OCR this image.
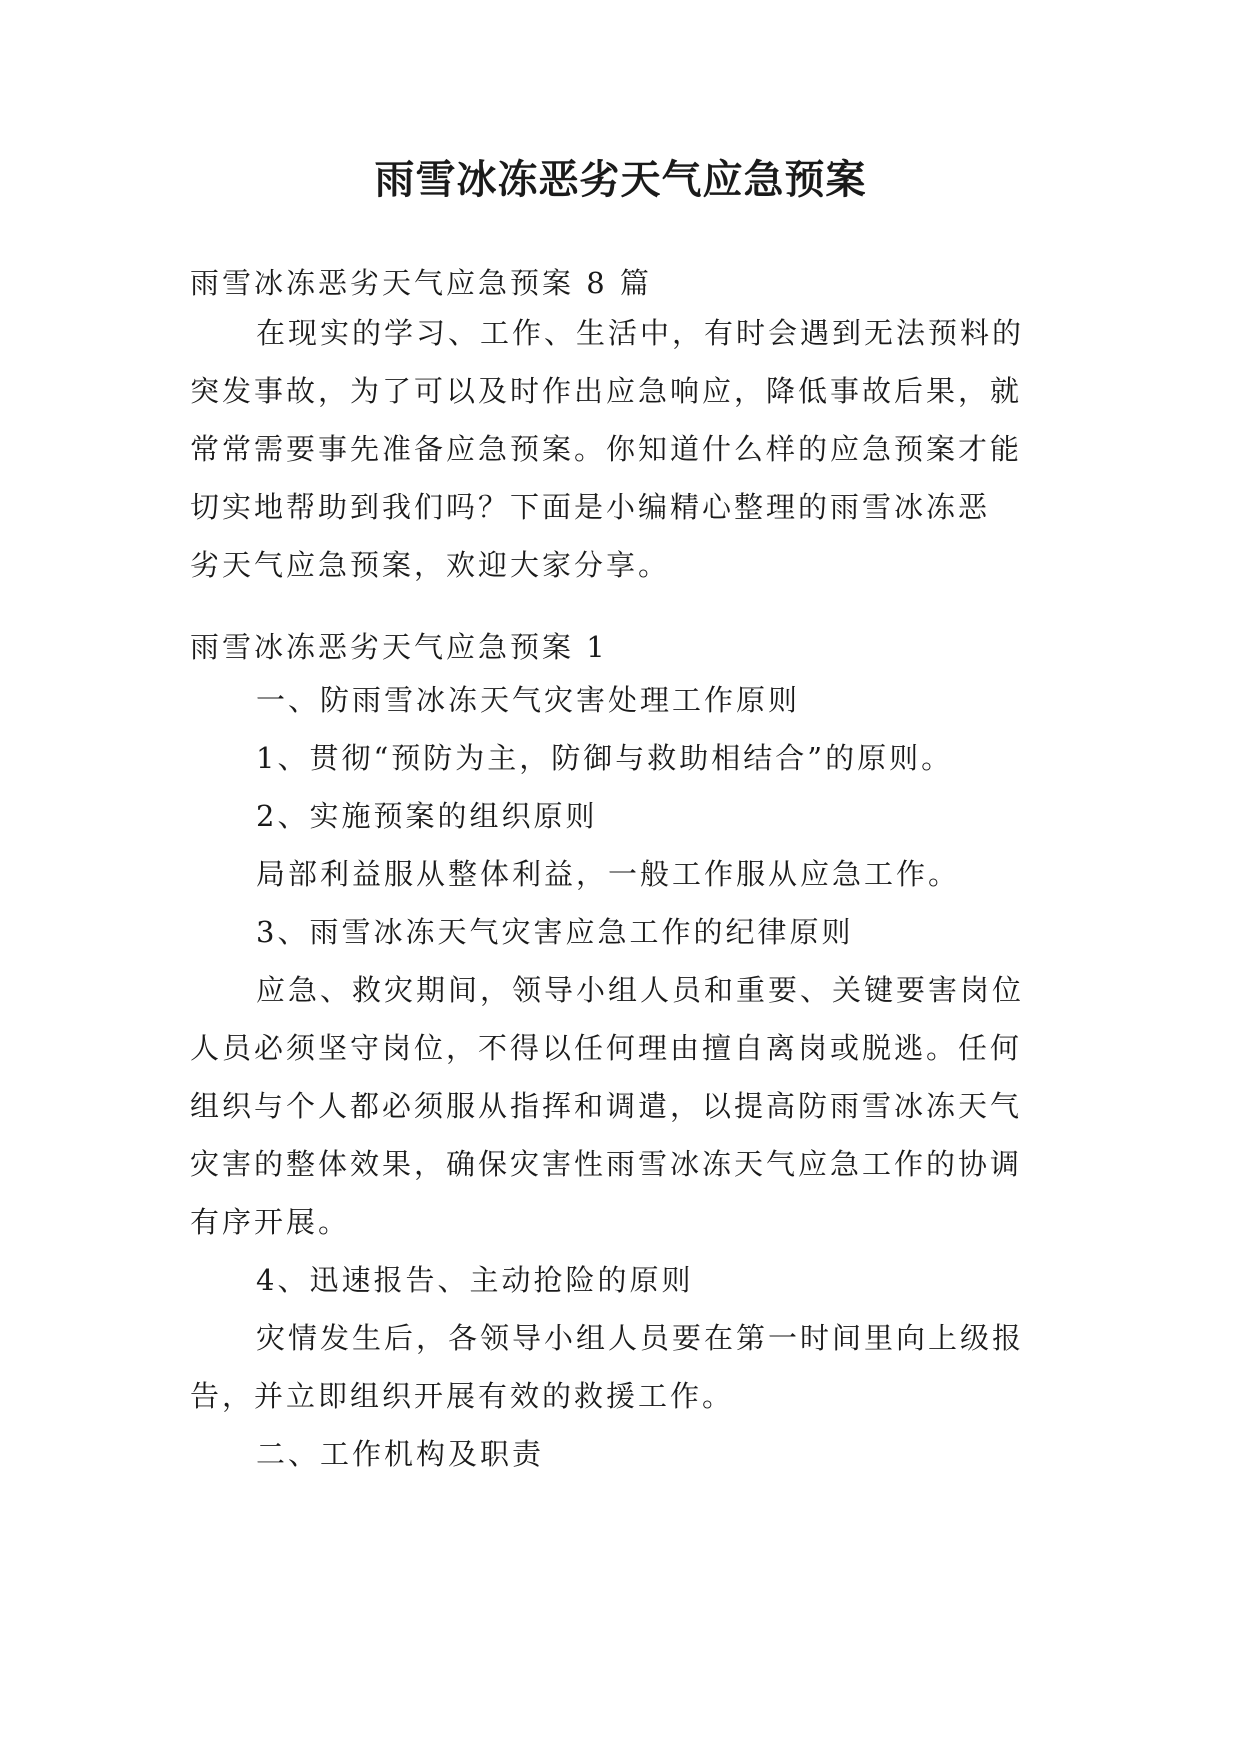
雨雪冰冻恶劣天气应急预案
雨雪冰冻恶劣天气应急预案 8 篇
在现实的学习、工作、生活中，有时会遇到无法预料的
突发事故，为了可以及时作出应急响应，降低事故后果，就
常常需要事先准备应急预案。你知道什么样的应急预案才能
切实地帮助到我们吗？下面是小编精心整理的雨雪冰冻恶
劣天气应急预案，欢迎大家分享。
雨雪冰冻恶劣天气应急预案 1
一、防雨雪冰冻天气灾害处理工作原则
1、贯彻“预防为主，防御与救助相结合”的原则。
2、实施预案的组织原则
局部利益服从整体利益，一般工作服从应急工作。
3、雨雪冰冻天气灾害应急工作的纪律原则
应急、救灾期间，领导小组人员和重要、关键要害岗位
人员必须坚守岗位，不得以任何理由擅自离岗或脱逃。任何
组织与个人都必须服从指挥和调遣，以提高防雨雪冰冻天气
灾害的整体效果，确保灾害性雨雪冰冻天气应急工作的协调
有序开展。
4、迅速报告、主动抢险的原则
灾情发生后，各领导小组人员要在第一时间里向上级报
告，并立即组织开展有效的救援工作。
二、工作机构及职责
